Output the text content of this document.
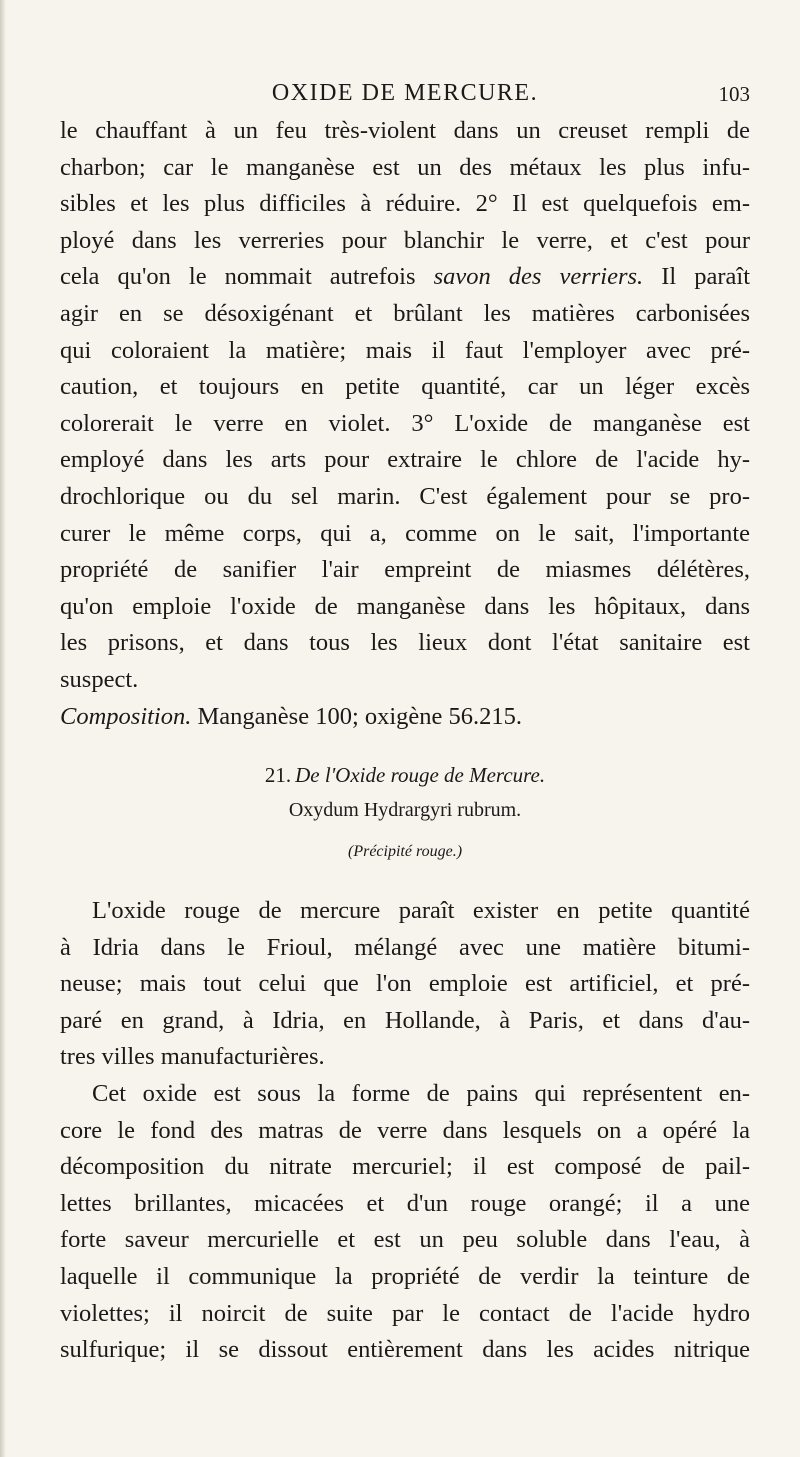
OXIDE DE MERCURE.	103
le chauffant à un feu très-violent dans un creuset rempli de
charbon; car le manganèse est un des métaux les plus infu-
sibles et les plus difficiles à réduire. 2° Il est quelquefois em-
ployé dans les verreries pour blanchir le verre, et c'est pour
cela qu'on le nommait autrefois savon des verriers. Il paraît
agir en se désoxigénant et brûlant les matières carbonisées
qui coloraient la matière; mais il faut l'employer avec pré-
caution, et toujours en petite quantité, car un léger excès
colorerait le verre en violet. 3° L'oxide de manganèse est
employé dans les arts pour extraire le chlore de l'acide hy-
drochlorique ou du sel marin. C'est également pour se pro-
curer le même corps, qui a, comme on le sait, l'importante
propriété de sanifier l'air empreint de miasmes délétères,
qu'on emploie l'oxide de manganèse dans les hôpitaux, dans
les prisons, et dans tous les lieux dont l'état sanitaire est
suspect.
Composition. Manganèse 100; oxigène 56.215.
21. De l'Oxide rouge de Mercure.
Oxydum Hydrargyri rubrum.
(Précipité rouge.)
L'oxide rouge de mercure paraît exister en petite quantité
à Idria dans le Frioul, mélangé avec une matière bitumi-
neuse; mais tout celui que l'on emploie est artificiel, et pré-
paré en grand, à Idria, en Hollande, à Paris, et dans d'au-
tres villes manufacturières.
Cet oxide est sous la forme de pains qui représentent en-
core le fond des matras de verre dans lesquels on a opéré la
décomposition du nitrate mercuriel; il est composé de pail-
lettes brillantes, micacées et d'un rouge orangé; il a une
forte saveur mercurielle et est un peu soluble dans l'eau, à
laquelle il communique la propriété de verdir la teinture de
violettes; il noircit de suite par le contact de l'acide hydro
sulfurique; il se dissout entièrement dans les acides nitrique
